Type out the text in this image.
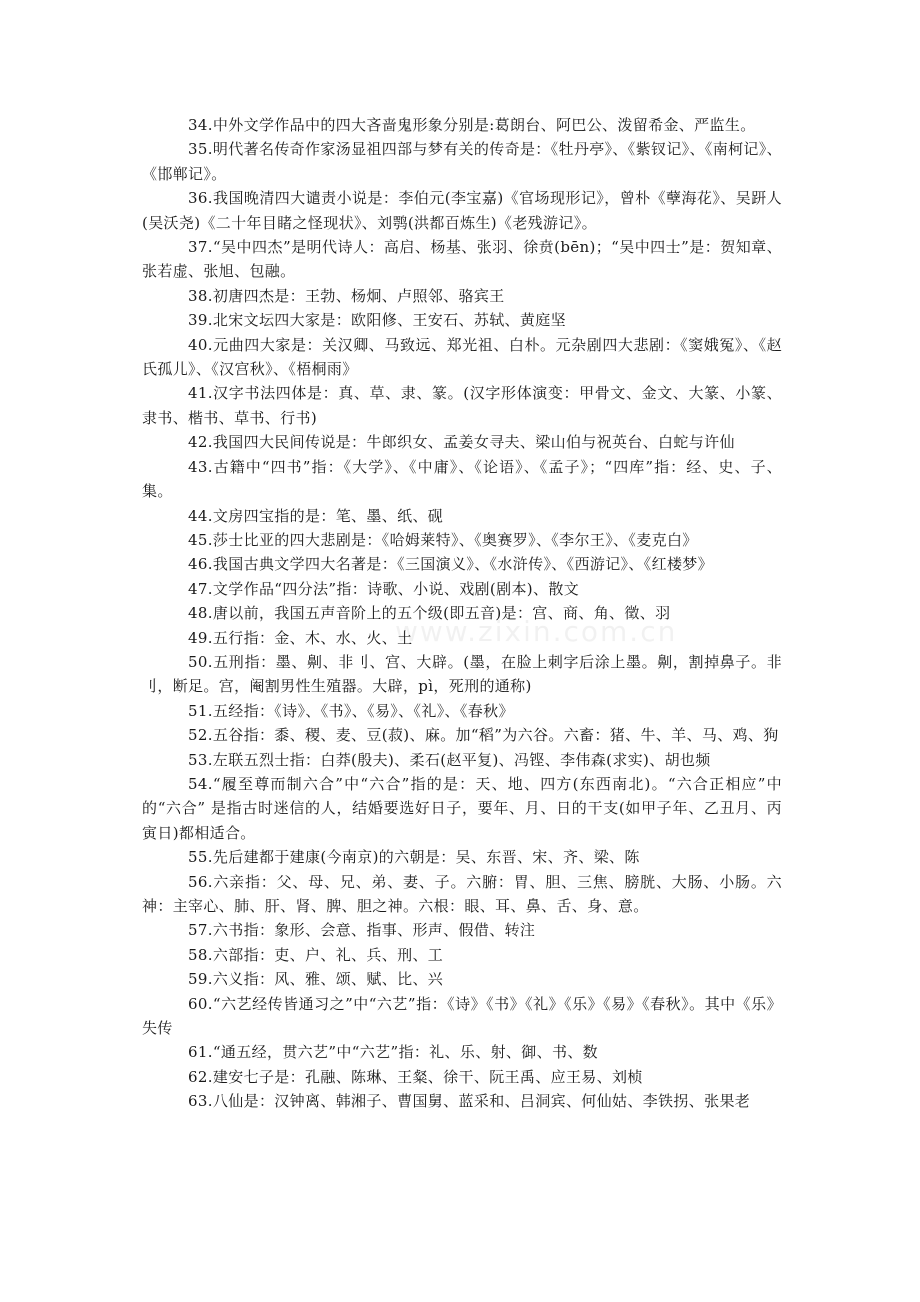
34.中外文学作品中的四大吝啬鬼形象分别是:葛朗台、阿巴公、泼留希金、严监生。

35.明代著名传奇作家汤显祖四部与梦有关的传奇是：《牡丹亭》、《紫钗记》、《南柯记》、《邯郸记》。

36.我国晚清四大谴责小说是：李伯元(李宝嘉)《官场现形记》，曾朴《孽海花》、吴趼人(吴沃尧)《二十年目睹之怪现状》、刘鹗(洪都百炼生)《老残游记》。

37.“吴中四杰”是明代诗人：高启、杨基、张羽、徐贲(bēn)；“吴中四士”是：贺知章、张若虚、张旭、包融。

38.初唐四杰是：王勃、杨炯、卢照邻、骆宾王

39.北宋文坛四大家是：欧阳修、王安石、苏轼、黄庭坚

40.元曲四大家是：关汉卿、马致远、郑光祖、白朴。元杂剧四大悲剧：《窦娥冤》、《赵氏孤儿》、《汉宫秋》、《梧桐雨》

41.汉字书法四体是：真、草、隶、篆。(汉字形体演变：甲骨文、金文、大篆、小篆、隶书、楷书、草书、行书)

42.我国四大民间传说是：牛郎织女、孟姜女寻夫、梁山伯与祝英台、白蛇与许仙

43.古籍中“四书”指：《大学》、《中庸》、《论语》、《孟子》；“四库”指：经、史、子、集。

44.文房四宝指的是：笔、墨、纸、砚

45.莎士比亚的四大悲剧是：《哈姆莱特》、《奥赛罗》、《李尔王》、《麦克白》

46.我国古典文学四大名著是：《三国演义》、《水浒传》、《西游记》、《红楼梦》

47.文学作品“四分法”指：诗歌、小说、戏剧(剧本)、散文

48.唐以前，我国五声音阶上的五个级(即五音)是：宫、商、角、徵、羽

49.五行指：金、木、水、火、土

50.五刑指：墨、劓、非刂、宫、大辟。(墨，在脸上刺字后涂上墨。劓，割掉鼻子。非刂，断足。宫，阉割男性生殖器。大辟，pì，死刑的通称)

51.五经指：《诗》、《书》、《易》、《礼》、《春秋》

52.五谷指：黍、稷、麦、豆(菽)、麻。加“稻”为六谷。六畜：猪、牛、羊、马、鸡、狗

53.左联五烈士指：白莽(殷夫)、柔石(赵平复)、冯铿、李伟森(求实)、胡也频

54.“履至尊而制六合”中“六合”指的是：天、地、四方(东西南北)。“六合正相应”中的“六合” 是指古时迷信的人，结婚要选好日子，要年、月、日的干支(如甲子年、乙丑月、丙寅日)都相适合。

55.先后建都于建康(今南京)的六朝是：吴、东晋、宋、齐、梁、陈

56.六亲指：父、母、兄、弟、妻、子。六腑：胃、胆、三焦、膀胱、大肠、小肠。六神：主宰心、肺、肝、肾、脾、胆之神。六根：眼、耳、鼻、舌、身、意。

57.六书指：象形、会意、指事、形声、假借、转注

58.六部指：吏、户、礼、兵、刑、工

59.六义指：风、雅、颂、赋、比、兴

60.“六艺经传皆通习之”中“六艺”指：《诗》《书》《礼》《乐》《易》《春秋》。其中《乐》失传

61.“通五经，贯六艺”中“六艺”指：礼、乐、射、御、书、数

62.建安七子是：孔融、陈琳、王粲、徐干、阮王禹、应王易、刘桢

63.八仙是：汉钟离、韩湘子、曹国舅、蓝采和、吕洞宾、何仙姑、李铁拐、张果老

www.zixin.com.cn
